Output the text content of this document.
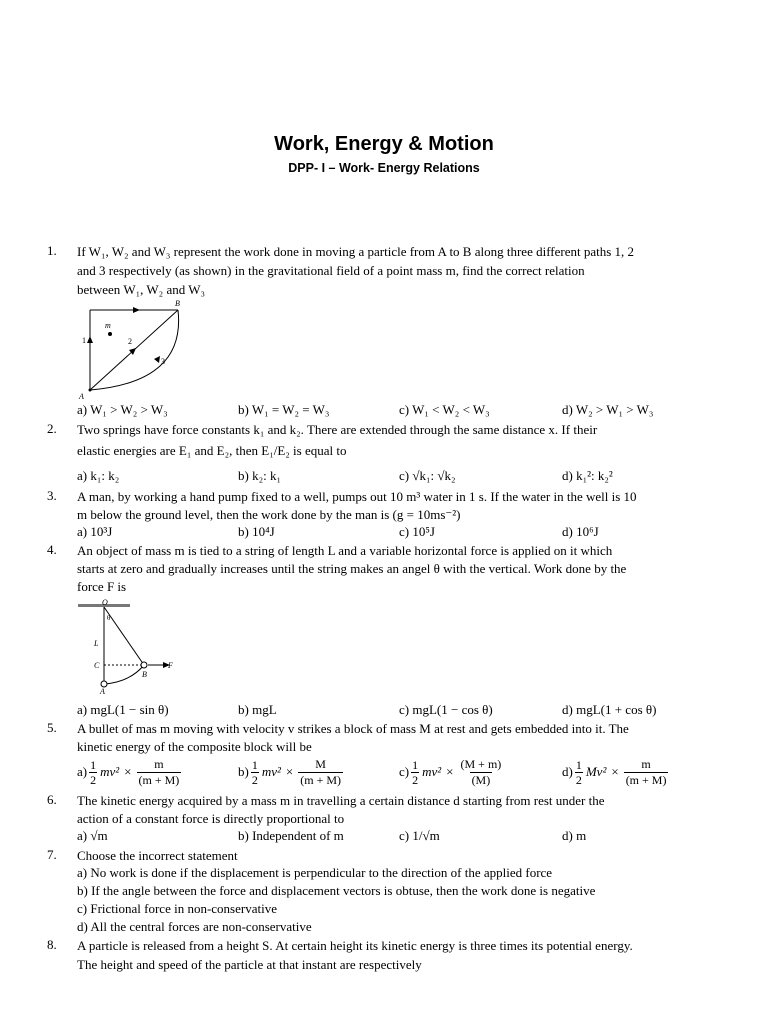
Work, Energy & Motion
DPP- I – Work- Energy Relations
1. If W₁, W₂ and W₃ represent the work done in moving a particle from A to B along three different paths 1, 2
and 3 respectively (as shown) in the gravitational field of a point mass m, find the correct relation
between W₁, W₂ and W₃
B
m
1	2
3
A
a) W₁ > W₂ > W₃	b) W₁ = W₂ = W₃	c) W₁ < W₂ < W₃	d) W₂ > W₁ > W₃
2. Two springs have force constants k₁ and k₂. There are extended through the same distance x. If their
elastic energies are E₁ and E₂, then E₁/E₂ is equal to
a) k₁: k₂	b) k₂: k₁	c) √k₁: √k₂	d) k₁²: k₂²
3. A man, by working a hand pump fixed to a well, pumps out 10 m³ water in 1 s. If the water in the well is 10
m below the ground level, then the work done by the man is (g = 10ms⁻²)
a) 10³J	b) 10⁴J	c) 10⁵J	d) 10⁶J
4. An object of mass m is tied to a string of length L and a variable horizontal force is applied on it which
starts at zero and gradually increases until the string makes an angel θ with the vertical. Work done by the
force F is
O
θ
L
C
B
F
A
a) mgL(1 − sin θ)	b) mgL	c) mgL(1 − cos θ)	d) mgL(1 + cos θ)
5. A bullet of mas m moving with velocity v strikes a block of mass M at rest and gets embedded into it. The
kinetic energy of the composite block will be
$a) \frac{1}{2} mv^2 \times \frac{m}{(m + M)}$	$b) \frac{1}{2} mv^2 \times \frac{M}{(m + M)}$	$c) \frac{1}{2} mv^2 \times \frac{(M + m)}{(M)}$	$d) \frac{1}{2} Mv^2 \times \frac{m}{(m + M)}$
6. The kinetic energy acquired by a mass m in travelling a certain distance d starting from rest under the
action of a constant force is directly proportional to
a) √m	b) Independent of m	c) 1/√m	d) m
7. Choose the incorrect statement
a) No work is done if the displacement is perpendicular to the direction of the applied force
b) If the angle between the force and displacement vectors is obtuse, then the work done is negative
c) Frictional force in non-conservative
d) All the central forces are non-conservative
8. A particle is released from a height S. At certain height its kinetic energy is three times its potential energy.
The height and speed of the particle at that instant are respectively
